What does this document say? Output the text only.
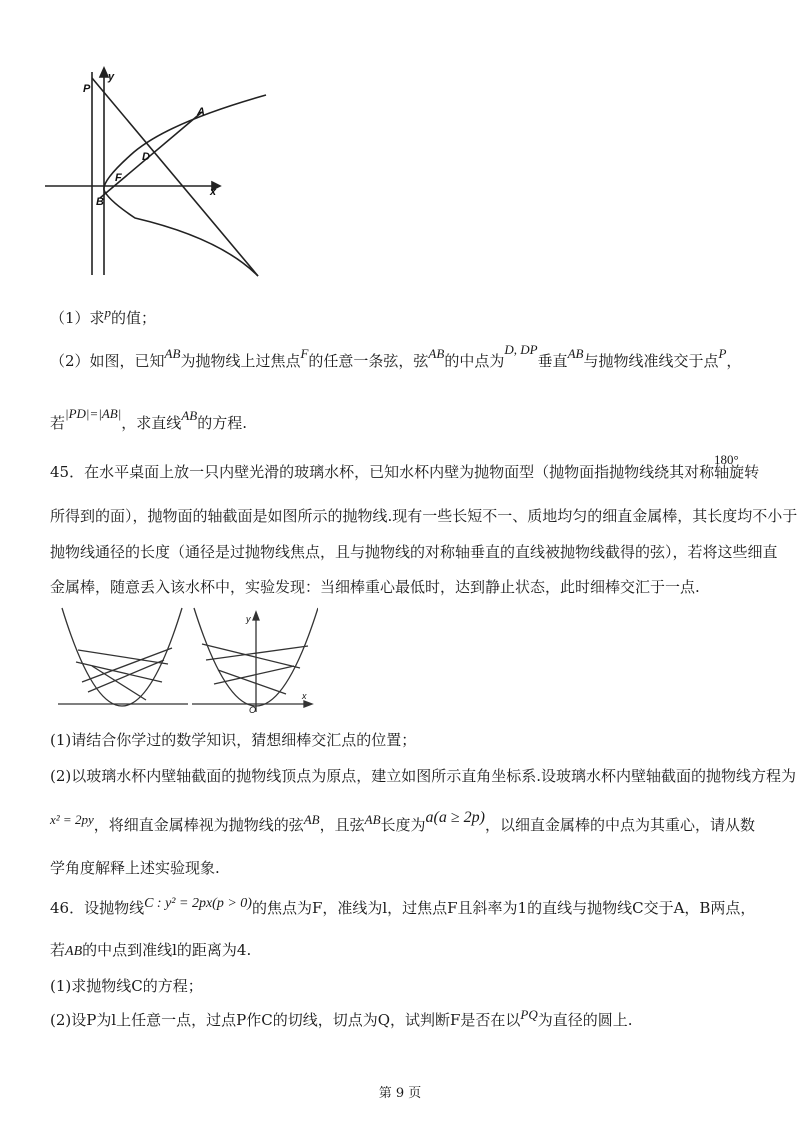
P
y
A
D
F
B
x
（1）求p的值；
（2）如图，已知AB为抛物线上过焦点F的任意一条弦，弦AB的中点为D, DP垂直AB与抛物线准线交于点P，
若|PD|=|AB|，求直线AB的方程.
45．在水平桌面上放一只内壁光滑的玻璃水杯，已知水杯内壁为抛物面型（抛物面指抛物线绕其对称轴旋转
180°
所得到的面），抛物面的轴截面是如图所示的抛物线.现有一些长短不一、质地均匀的细直金属棒，其长度均不小于
抛物线通径的长度（通径是过抛物线焦点，且与抛物线的对称轴垂直的直线被抛物线截得的弦），若将这些细直
金属棒，随意丢入该水杯中，实验发现：当细棒重心最低时，达到静止状态，此时细棒交汇于一点.
y
x
O
(1)请结合你学过的数学知识，猜想细棒交汇点的位置；
(2)以玻璃水杯内壁轴截面的抛物线顶点为原点，建立如图所示直角坐标系.设玻璃水杯内壁轴截面的抛物线方程为
x² = 2py，将细直金属棒视为抛物线的弦AB，且弦AB长度为a(a ≥ 2p)，以细直金属棒的中点为其重心，请从数
学角度解释上述实验现象.
46．设抛物线C : y² = 2px(p > 0)的焦点为F，准线为l，过焦点F且斜率为1的直线与抛物线C交于A，B两点，
若AB的中点到准线l的距离为4.
(1)求抛物线C的方程；
(2)设P为l上任意一点，过点P作C的切线，切点为Q，试判断F是否在以PQ为直径的圆上.
第 9 页
